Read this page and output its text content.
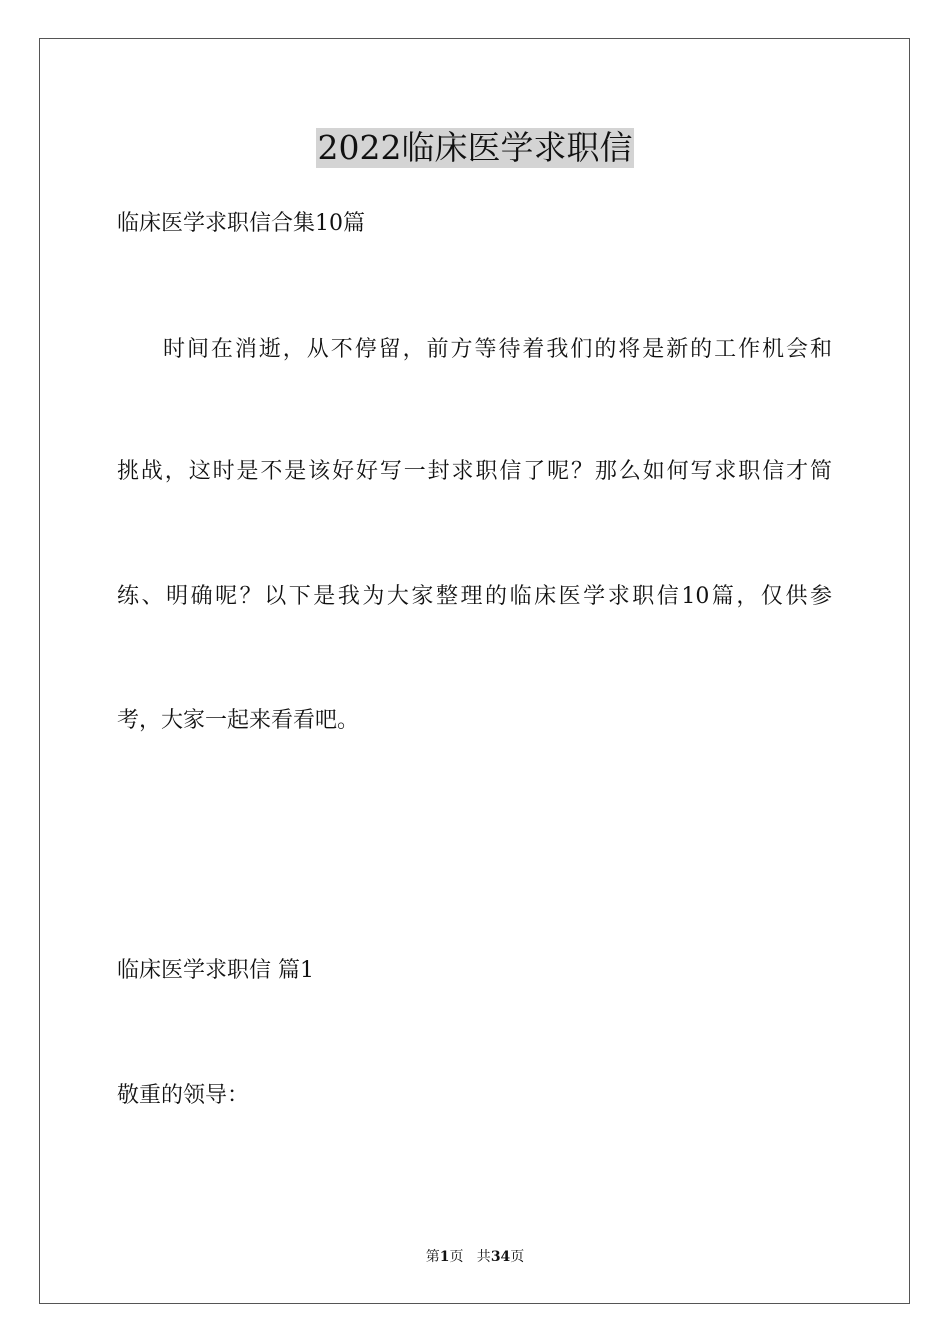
2022临床医学求职信
临床医学求职信合集10篇
时间在消逝，从不停留，前方等待着我们的将是新的工作机会和
挑战，这时是不是该好好写一封求职信了呢？那么如何写求职信才简
练、明确呢？以下是我为大家整理的临床医学求职信10篇，仅供参
考，大家一起来看看吧。
临床医学求职信 篇1
敬重的领导：
第1页   共34页
